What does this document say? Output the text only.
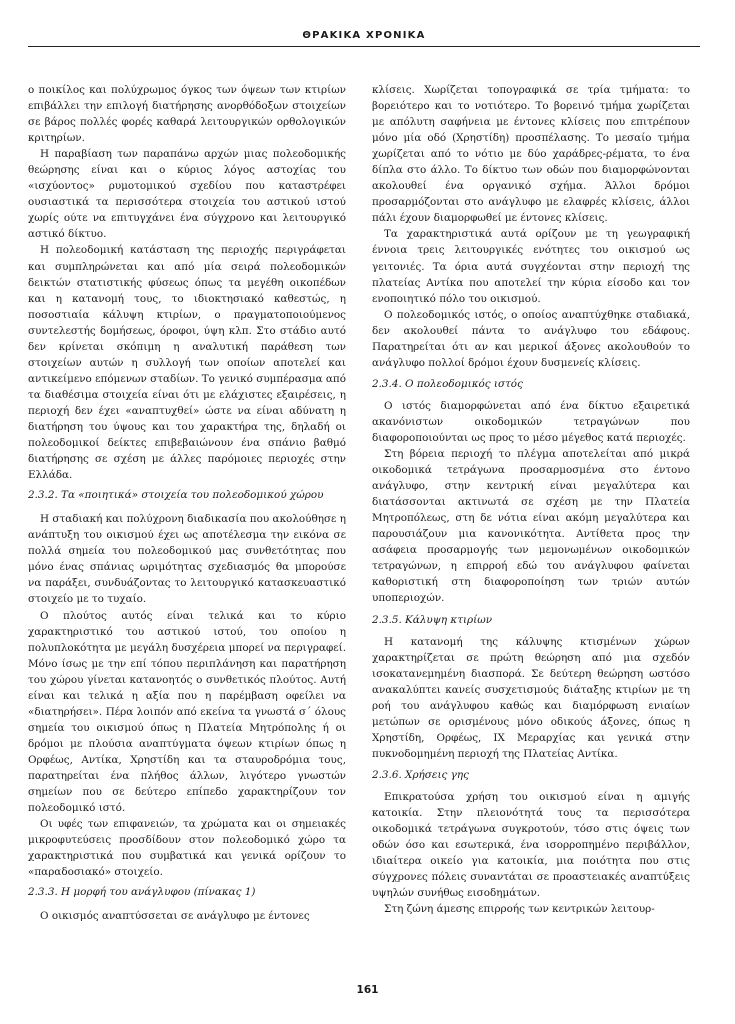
ΘΡΑΚΙΚΑ ΧΡΟΝΙΚΑ

ο ποικίλος και πολύχρωμος όγκος των όψεων των κτιρίων επιβάλλει την επιλογή διατήρησης ανορθόδοξων στοιχείων σε βάρος πολλές φορές καθαρά λειτουργικών ορθολογικών κριτηρίων.

Η παραβίαση των παραπάνω αρχών μιας πολεοδομικής θεώρησης είναι και ο κύριος λόγος αστοχίας του «ισχύοντος» ρυμοτομικού σχεδίου που καταστρέφει ουσιαστικά τα περισσότερα στοιχεία του αστικού ιστού χωρίς ούτε να επιτυγχάνει ένα σύγχρονο και λειτουργικό αστικό δίκτυο.

Η πολεοδομική κατάσταση της περιοχής περιγράφεται και συμπληρώνεται και από μία σειρά πολεοδομικών δεικτών στατιστικής φύσεως όπως τα μεγέθη οικοπέδων και η κατανομή τους, το ιδιοκτησιακό καθεστώς, η ποσοστιαία κάλυψη κτιρίων, ο πραγματοποιούμενος συντελεστής δομήσεως, όροφοι, ύψη κλπ. Στο στάδιο αυτό δεν κρίνεται σκόπιμη η αναλυτική παράθεση των στοιχείων αυτών η συλλογή των οποίων αποτελεί και αντικείμενο επόμενων σταδίων. Το γενικό συμπέρασμα από τα διαθέσιμα στοιχεία είναι ότι με ελάχιστες εξαιρέσεις, η περιοχή δεν έχει «αναπτυχθεί» ώστε να είναι αδύνατη η διατήρηση του ύψους και του χαρακτήρα της, δηλαδή οι πολεοδομικοί δείκτες επιβεβαιώνουν ένα σπάνιο βαθμό διατήρησης σε σχέση με άλλες παρόμοιες περιοχές στην Ελλάδα.

2.3.2. Τα «ποιητικά» στοιχεία του πολεοδομικού χώρου

Η σταδιακή και πολύχρονη διαδικασία που ακολούθησε η ανάπτυξη του οικισμού έχει ως αποτέλεσμα την εικόνα σε πολλά σημεία του πολεοδομικού μας συνθετότητας που μόνο ένας σπάνιας ωριμότητας σχεδιασμός θα μπορούσε να παράξει, συνδυάζοντας το λειτουργικό κατασκευαστικό στοιχείο με το τυχαίο.

Ο πλούτος αυτός είναι τελικά και το κύριο χαρακτηριστικό του αστικού ιστού, του οποίου η πολυπλοκότητα με μεγάλη δυσχέρεια μπορεί να περιγραφεί. Μόνο ίσως με την επί τόπου περιπλάνηση και παρατήρηση του χώρου γίνεται κατανοητός ο συνθετικός πλούτος. Αυτή είναι και τελικά η αξία που η παρέμβαση οφείλει να «διατηρήσει». Πέρα λοιπόν από εκείνα τα γνωστά σ΄ όλους σημεία του οικισμού όπως η Πλατεία Μητρόπολης ή οι δρόμοι με πλούσια αναπτύγματα όψεων κτιρίων όπως η Ορφέως, Αντίκα, Χρηστίδη και τα σταυροδρόμια τους, παρατηρείται ένα πλήθος άλλων, λιγότερο γνωστών σημείων που σε δεύτερο επίπεδο χαρακτηρίζουν τον πολεοδομικό ιστό.

Οι υφές των επιφανειών, τα χρώματα και οι σημειακές μικροφυτεύσεις προσδίδουν στον πολεοδομικό χώρο τα χαρακτηριστικά που συμβατικά και γενικά ορίζουν το «παραδοσιακό» στοιχείο.

2.3.3. Η μορφή του ανάγλυφου (πίνακας 1)

Ο οικισμός αναπτύσσεται σε ανάγλυφο με έντονες

κλίσεις. Χωρίζεται τοπογραφικά σε τρία τμήματα: το βορειότερο και το νοτιότερο. Το βορεινό τμήμα χωρίζεται με απόλυτη σαφήνεια με έντονες κλίσεις που επιτρέπουν μόνο μία οδό (Χρηστίδη) προσπέλασης. Το μεσαίο τμήμα χωρίζεται από το νότιο με δύο χαράδρες-ρέματα, το ένα δίπλα στο άλλο. Το δίκτυο των οδών που διαμορφώνονται ακολουθεί ένα οργανικό σχήμα. Άλλοι δρόμοι προσαρμόζονται στο ανάγλυφο με ελαφρές κλίσεις, άλλοι πάλι έχουν διαμορφωθεί με έντονες κλίσεις.

Τα χαρακτηριστικά αυτά ορίζουν με τη γεωγραφική έννοια τρεις λειτουργικές ενότητες του οικισμού ως γειτονιές. Τα όρια αυτά συγχέονται στην περιοχή της πλατείας Αντίκα που αποτελεί την κύρια είσοδο και τον ενοποιητικό πόλο του οικισμού.

Ο πολεοδομικός ιστός, ο οποίος αναπτύχθηκε σταδιακά, δεν ακολουθεί πάντα το ανάγλυφο του εδάφους. Παρατηρείται ότι αν και μερικοί άξονες ακολουθούν το ανάγλυφο πολλοί δρόμοι έχουν δυσμενείς κλίσεις.

2.3.4. Ο πολεοδομικός ιστός

Ο ιστός διαμορφώνεται από ένα δίκτυο εξαιρετικά ακανόνιστων οικοδομικών τετραγώνων που διαφοροποιούνται ως προς το μέσο μέγεθος κατά περιοχές.

Στη βόρεια περιοχή το πλέγμα αποτελείται από μικρά οικοδομικά τετράγωνα προσαρμοσμένα στο έντονο ανάγλυφο, στην κεντρική είναι μεγαλύτερα και διατάσσονται ακτινωτά σε σχέση με την Πλατεία Μητροπόλεως, στη δε νότια είναι ακόμη μεγαλύτερα και παρουσιάζουν μια κανονικότητα. Αντίθετα προς την ασάφεια προσαρμογής των μεμονωμένων οικοδομικών τετραγώνων, η επιρροή εδώ του ανάγλυφου φαίνεται καθοριστική στη διαφοροποίηση των τριών αυτών υποπεριοχών.

2.3.5. Κάλυψη κτιρίων

Η κατανομή της κάλυψης κτισμένων χώρων χαρακτηρίζεται σε πρώτη θεώρηση από μια σχεδόν ισοκατανεμημένη διασπορά. Σε δεύτερη θεώρηση ωστόσο ανακαλύπτει κανείς συσχετισμούς διάταξης κτιρίων με τη ροή του ανάγλυφου καθώς και διαμόρφωση ενιαίων μετώπων σε ορισμένους μόνο οδικούς άξονες, όπως η Χρηστίδη, Ορφέως, ΙΧ Μεραρχίας και γενικά στην πυκνοδομημένη περιοχή της Πλατείας Αντίκα.

2.3.6. Χρήσεις γης

Επικρατούσα χρήση του οικισμού είναι η αμιγής κατοικία. Στην πλειονότητά τους τα περισσότερα οικοδομικά τετράγωνα συγκροτούν, τόσο στις όψεις των οδών όσο και εσωτερικά, ένα ισορροπημένο περιβάλλον, ιδιαίτερα οικείο για κατοικία, μια ποιότητα που στις σύγχρονες πόλεις συναντάται σε προαστειακές αναπτύξεις υψηλών συνήθως εισοδημάτων.

Στη ζώνη άμεσης επιρροής των κεντρικών λειτουρ-

161
